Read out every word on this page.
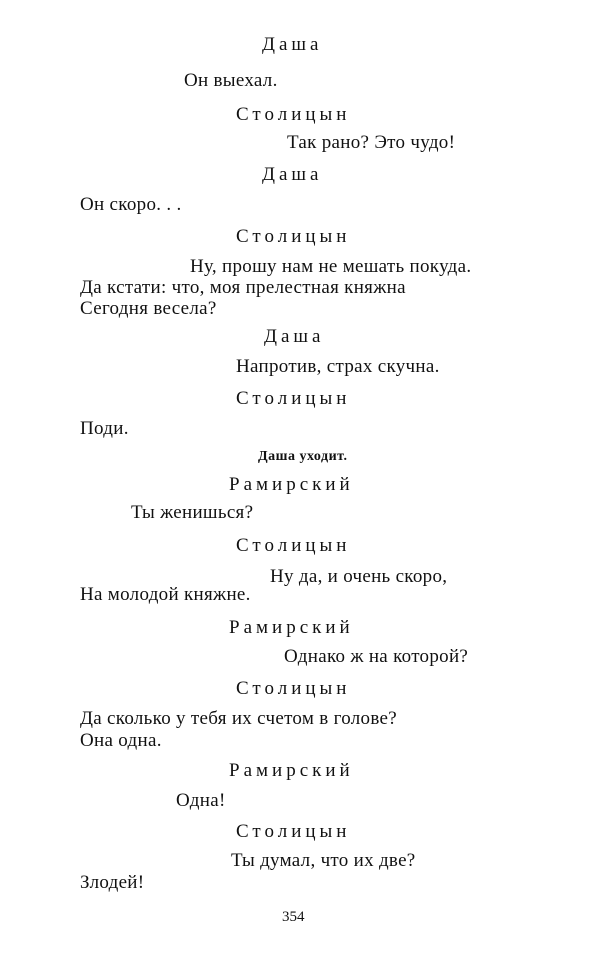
Даша
Он выехал.
Столицын
Так рано? Это чудо!
Даша
Он скоро. . .
Столицын
Ну, прошу нам не мешать покуда.
Да кстати: что, моя прелестная княжна
Сегодня весела?
Даша
Напротив, страх скучна.
Столицын
Поди.
Даша уходит.
Рамирский
Ты женишься?
Столицын
Ну да, и очень скоро,
На молодой княжне.
Рамирский
Однако ж на которой?
Столицын
Да сколько у тебя их счетом в голове?
Она одна.
Рамирский
Одна!
Столицын
Ты думал, что их две?
Злодей!
354
